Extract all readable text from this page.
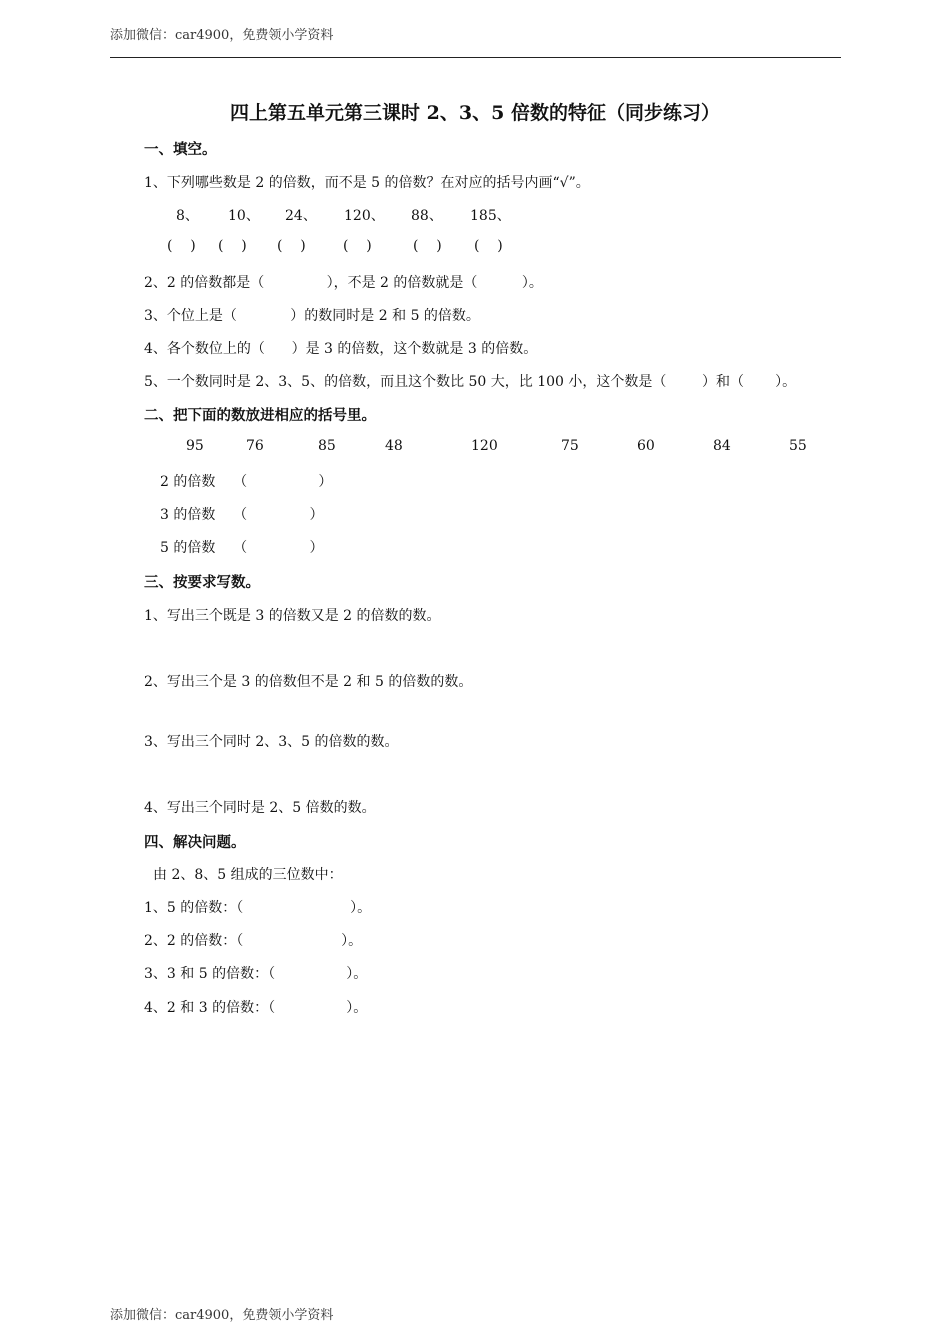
添加微信：car4900，免费领小学资料
四上第五单元第三课时 2、3、5 倍数的特征（同步练习）
一、填空。
1、下列哪些数是 2 的倍数，而不是 5 的倍数？在对应的括号内画“√”。
8、 10、 24、 120、 88、 185、
(    ) (    ) (    )	(    )	(    ) (    )
2、2 的倍数都是（              ），不是 2 的倍数就是（          ）。
3、个位上是（            ）的数同时是 2 和 5 的倍数。
4、各个数位上的（      ）是 3 的倍数，这个数就是 3 的倍数。
5、一个数同时是 2、3、5、的倍数，而且这个数比 50 大，比 100 小，这个数是（        ）和（       ）。
二、把下面的数放进相应的括号里。
95	76	85	48	120	75	60	84	55
2 的倍数    （                ）
3 的倍数    （              ）
5 的倍数    （              ）
三、按要求写数。
1、写出三个既是 3 的倍数又是 2 的倍数的数。
2、写出三个是 3 的倍数但不是 2 和 5 的倍数的数。
3、写出三个同时 2、3、5 的倍数的数。
4、写出三个同时是 2、5 倍数的数。
四、解决问题。
由 2、8、5 组成的三位数中：
1、5 的倍数：（                        ）。
2、2 的倍数：（                      ）。
3、3 和 5 的倍数：（                ）。
4、2 和 3 的倍数：（                ）。
添加微信：car4900，免费领小学资料
